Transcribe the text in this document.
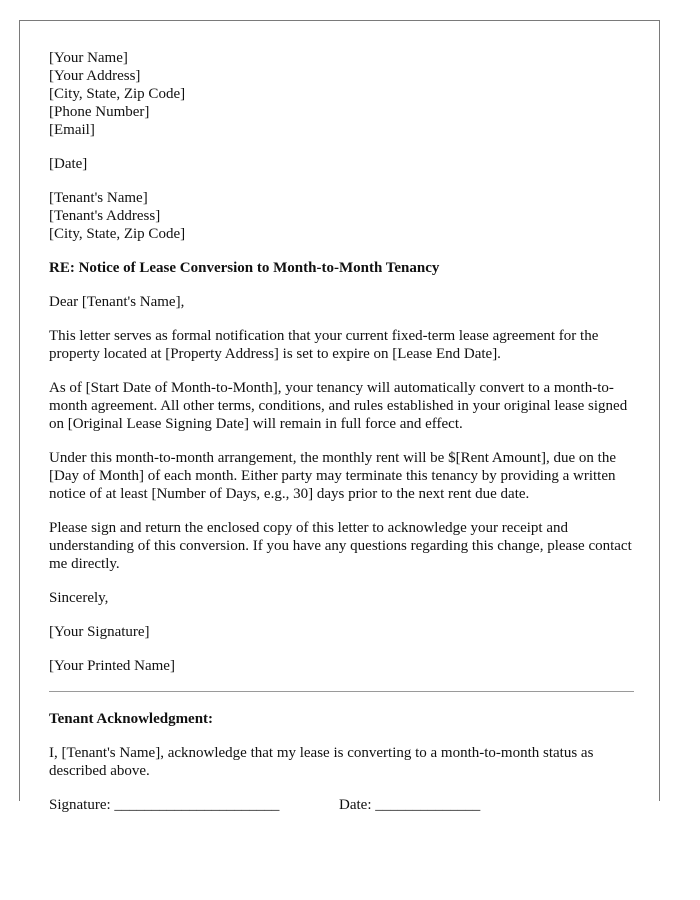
[Your Name]
[Your Address]
[City, State, Zip Code]
[Phone Number]
[Email]
[Date]
[Tenant's Name]
[Tenant's Address]
[City, State, Zip Code]

RE: Notice of Lease Conversion to Month-to-Month Tenancy

Dear [Tenant's Name],

This letter serves as formal notification that your current fixed-term lease agreement for the property located at [Property Address] is set to expire on [Lease End Date].

As of [Start Date of Month-to-Month], your tenancy will automatically convert to a month-to-month agreement. All other terms, conditions, and rules established in your original lease signed on [Original Lease Signing Date] will remain in full force and effect.

Under this month-to-month arrangement, the monthly rent will be $[Rent Amount], due on the [Day of Month] of each month. Either party may terminate this tenancy by providing a written notice of at least [Number of Days, e.g., 30] days prior to the next rent due date.

Please sign and return the enclosed copy of this letter to acknowledge your receipt and understanding of this conversion. If you have any questions regarding this change, please contact me directly.

Sincerely,

[Your Signature]

[Your Printed Name]

Tenant Acknowledgment:

I, [Tenant's Name], acknowledge that my lease is converting to a month-to-month status as described above.

Signature: ______________________	Date: ______________
